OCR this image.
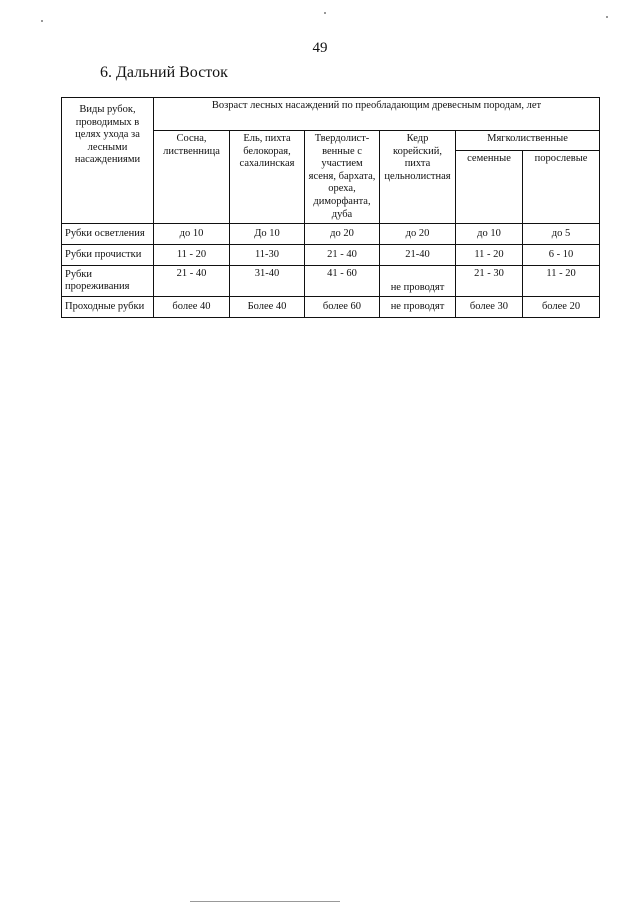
49
6. Дальний Восток
Виды рубок, проводимых в целях ухода за лесными насаждениями	Возраст лесных насаждений по преобладающим древесным породам, лет					
	Сосна, лиственница	Ель, пихта белокорая, сахалинская	Твердолист-венные с участием ясеня, бархата, ореха, диморфанта, дуба	Кедр корейский, пихта цельнолистная	Мягколиственные	
					семенные	порослевые
Рубки осветления	до 10	До 10	до 20	до 20	до 10	до 5
Рубки прочистки	11 - 20	11-30	21 - 40	21-40	11 - 20	6 - 10
Рубки прореживания	21 - 40	31-40	41 - 60	не проводят	21 - 30	11 - 20
Проходные рубки	более 40	Более 40	более 60	не проводят	более 30	более 20
